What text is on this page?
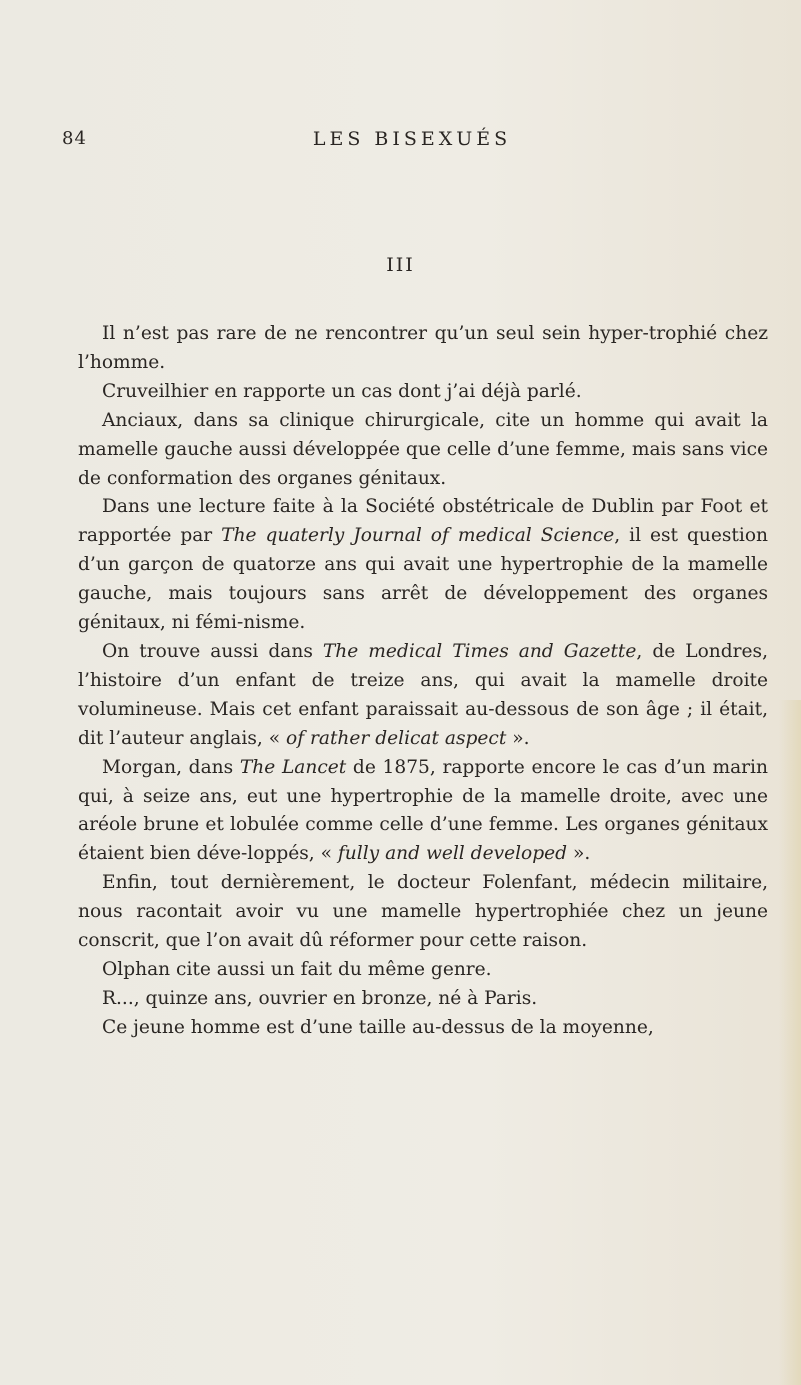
84	LES BISEXUÉS
III

Il n’est pas rare de ne rencontrer qu’un seul sein hyper-trophié chez l’homme.

Cruveilhier en rapporte un cas dont j’ai déjà parlé.

Anciaux, dans sa clinique chirurgicale, cite un homme qui avait la mamelle gauche aussi développée que celle d’une femme, mais sans vice de conformation des organes génitaux.

Dans une lecture faite à la Société obstétricale de Dublin par Foot et rapportée par The quaterly Journal of medical Science, il est question d’un garçon de quatorze ans qui avait une hypertrophie de la mamelle gauche, mais toujours sans arrêt de développement des organes génitaux, ni fémi-nisme.

On trouve aussi dans The medical Times and Gazette, de Londres, l’histoire d’un enfant de treize ans, qui avait la mamelle droite volumineuse. Mais cet enfant paraissait au-dessous de son âge ; il était, dit l’auteur anglais, « of rather delicat aspect ».

Morgan, dans The Lancet de 1875, rapporte encore le cas d’un marin qui, à seize ans, eut une hypertrophie de la mamelle droite, avec une aréole brune et lobulée comme celle d’une femme. Les organes génitaux étaient bien déve-loppés, « fully and well developed ».

Enfin, tout dernièrement, le docteur Folenfant, médecin militaire, nous racontait avoir vu une mamelle hypertrophiée chez un jeune conscrit, que l’on avait dû réformer pour cette raison.

Olphan cite aussi un fait du même genre.

R..., quinze ans, ouvrier en bronze, né à Paris.

Ce jeune homme est d’une taille au-dessus de la moyenne,
